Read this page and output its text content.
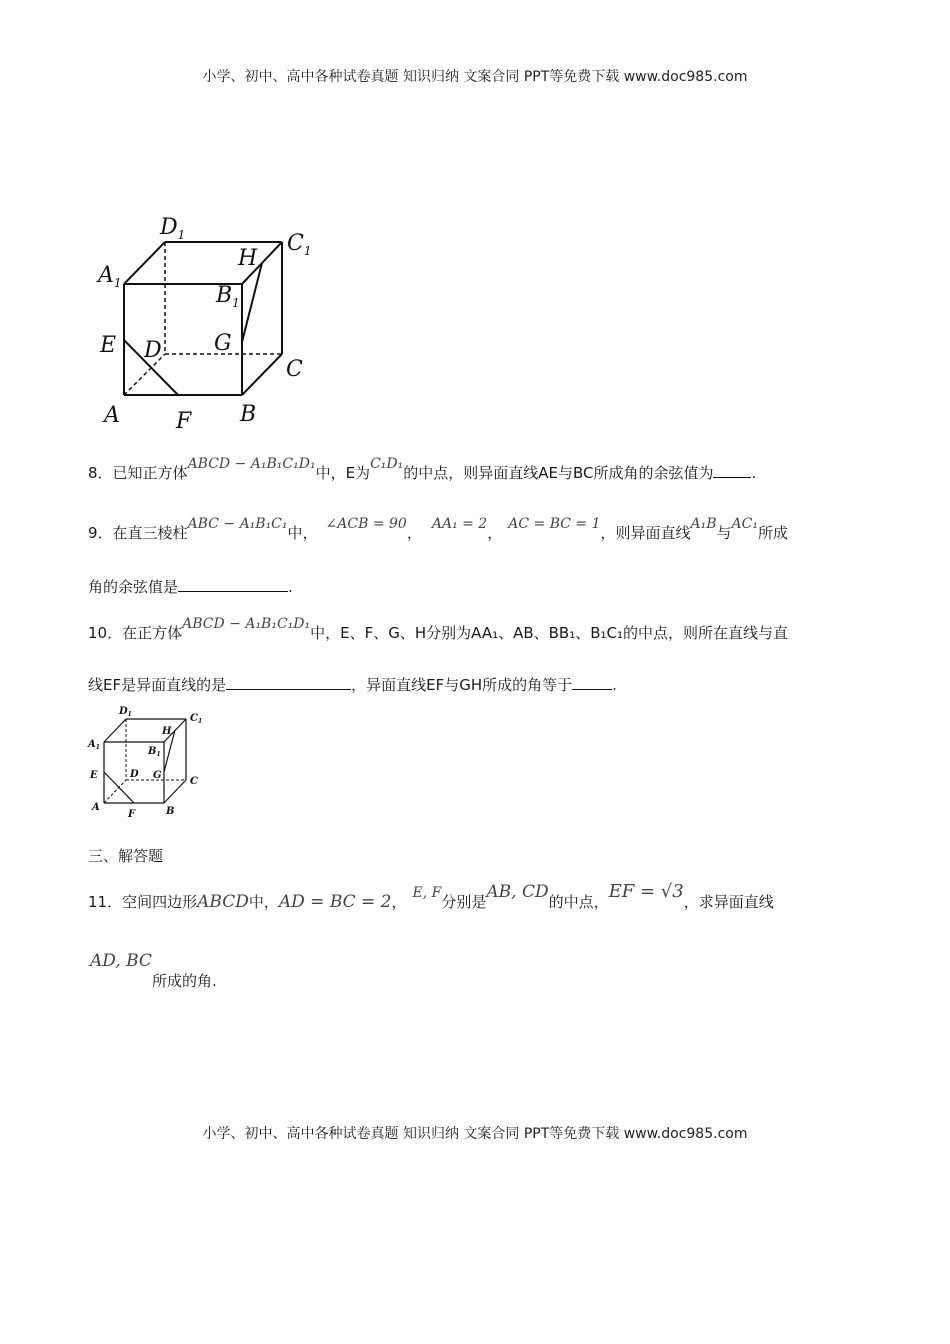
小学、初中、高中各种试卷真题 知识归纳 文案合同 PPT等免费下载 www.doc985.com
$D_1$	$C_1$
$A_1$	$B_1$
H
E D G
C
A	F B
8．已知正方体ABCD − A₁B₁C₁D₁中，E为C₁D₁的中点，则异面直线AE与BC所成角的余弦值为	.
9．在直三棱柱ABC − A₁B₁C₁中， ∠ACB = 90， AA₁ = 2， AC = BC = 1，则异面直线A₁B与AC₁所成
角的余弦值是	.
10．在正方体ABCD − A₁B₁C₁D₁中，E、F、G、H分别为AA₁、AB、BB₁、B₁C₁的中点，则所在直线与直
线EF是异面直线的是	，异面直线EF与GH所成的角等于	.
$D_1$	$C_1$
$A_1$	$B_1$
H
E	D G
C
A
F	B
三、解答题
11．空间四边形ABCD中，AD = BC = 2， E, F分别是AB, CD的中点，EF = √3，求异面直线
AD, BC
所成的角.
小学、初中、高中各种试卷真题 知识归纳 文案合同 PPT等免费下载 www.doc985.com
